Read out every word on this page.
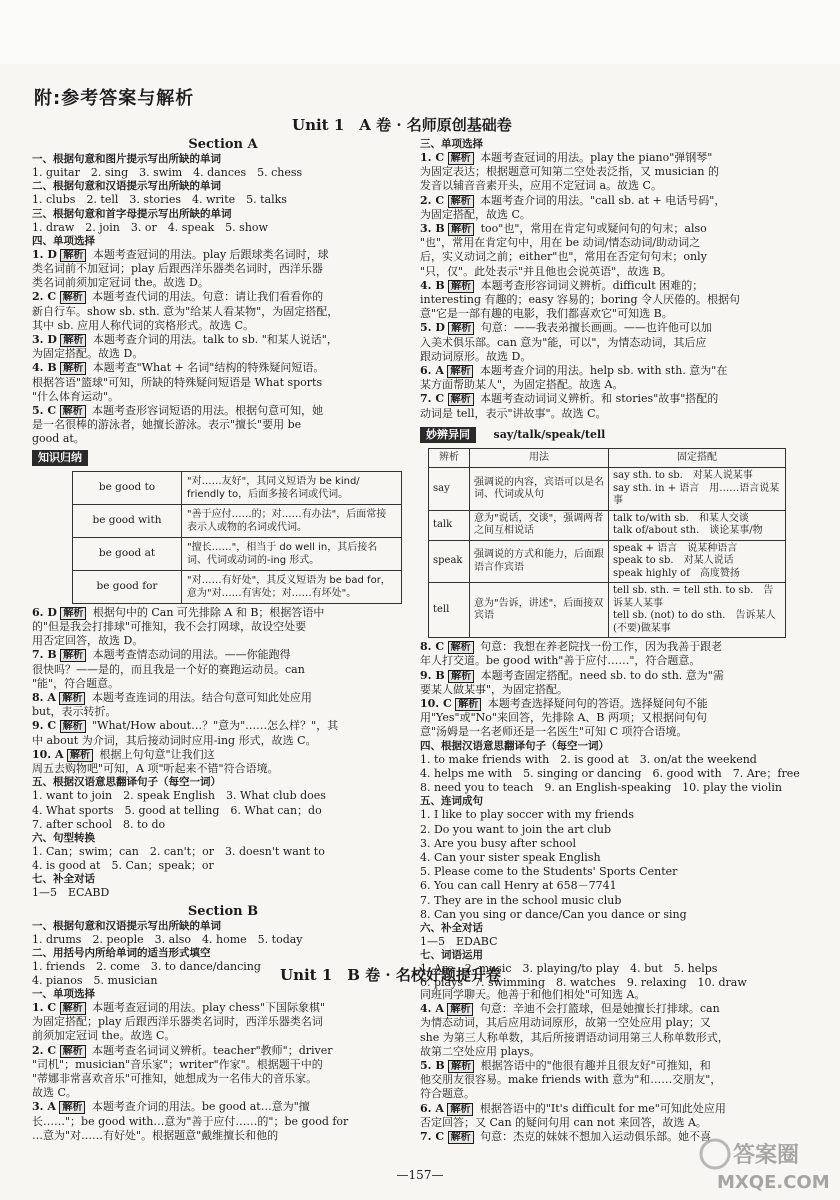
附:参考答案与解析
Unit 1　A 卷 · 名师原创基础卷
Section A
一、根据句意和图片提示写出所缺的单词
1. guitar　2. sing　3. swim　4. dances　5. chess
二、根据句意和汉语提示写出所缺的单词
1. clubs　2. tell　3. stories　4. write　5. talks
三、根据句意和首字母提示写出所缺的单词
1. draw　2. join　3. or　4. speak　5. show
四、单项选择
1. D 解析 本题考查冠词的用法。play 后跟球类名词时，球
类名词前不加冠词；play 后跟西洋乐器类名词时，西洋乐器
类名词前须加定冠词 the。故选 D。
2. C 解析 本题考查代词的用法。句意：请让我们看看你的
新自行车。show sb. sth. 意为"给某人看某物"，为固定搭配，
其中 sb. 应用人称代词的宾格形式。故选 C。
3. D 解析 本题考查介词的用法。talk to sb. "和某人说话"，
为固定搭配。故选 D。
4. B 解析 本题考查"What + 名词"结构的特殊疑问短语。
根据答语"篮球"可知，所缺的特殊疑问短语是 What sports
"什么体育运动"。
5. C 解析 本题考查形容词短语的用法。根据句意可知，她
是一名很棒的游泳者，她擅长游泳。表示"擅长"要用 be
good at。
知识归纳
be good to	"对……友好"，其同义短语为 be kind/ friendly to，后面多接名词或代词。
be good with	"善于应付……的；对……有办法"，后面常接表示人或物的名词或代词。
be good at	"擅长……"，相当于 do well in，其后接名词、代词或动词的-ing 形式。
be good for	"对……有好处"，其反义短语为 be bad for，意为"对……有害处；对……有坏处"。
6. D 解析 根据句中的 Can 可先排除 A 和 B；根据答语中
的"但是我会打排球"可推知，我不会打网球，故设空处要
用否定回答，故选 D。
7. B 解析 本题考查情态动词的用法。——你能跑得
很快吗？——是的，而且我是一个好的赛跑运动员。can
"能"，符合题意。
8. A 解析 本题考查连词的用法。结合句意可知此处应用
but，表示转折。
9. C 解析 "What/How about…？"意为"……怎么样？"，其
中 about 为介词，其后接动词时应用-ing 形式，故选 C。
10. A 解析 根据上句句意"让我们这
周五去购物吧"可知，A 项"听起来不错"符合语境。
五、根据汉语意思翻译句子（每空一词）
1. want to join　2. speak English　3. What club does
4. What sports　5. good at telling　6. What can；do
7. after school　8. to do
六、句型转换
1. Can；swim；can　2. can't；or　3. doesn't want to
4. is good at　5. Can；speak；or
七、补全对话
1—5　ECABD
Section B
一、根据句意和汉语提示写出所缺的单词
1. drums　2. people　3. also　4. home　5. today
二、用括号内所给单词的适当形式填空
1. friends　2. come　3. to dance/dancing
4. pianos　5. musician
三、单项选择
1. C 解析 本题考查冠词的用法。play the piano"弹钢琴"
为固定表达；根据题意可知第二空处表泛指，又 musician 的
发音以辅音音素开头，应用不定冠词 a。故选 C。
2. C 解析 本题考查介词的用法。"call sb. at + 电话号码"，
为固定搭配，故选 C。
3. B 解析 too"也"，常用在肯定句或疑问句的句末；also
"也"，常用在肯定句中，用在 be 动词/情态动词/助动词之
后，实义动词之前；either"也"，常用在否定句句末；only
"只，仅"。此处表示"并且他也会说英语"，故选 B。
4. B 解析 本题考查形容词词义辨析。difficult 困难的；
interesting 有趣的；easy 容易的；boring 令人厌倦的。根据句
意"它是一部有趣的电影，我们都喜欢它"可知选 B。
5. D 解析 句意：——我表弟擅长画画。——也许他可以加
入美术俱乐部。can 意为"能，可以"，为情态动词，其后应
跟动词原形。故选 D。
6. A 解析 本题考查介词的用法。help sb. with sth. 意为"在
某方面帮助某人"，为固定搭配。故选 A。
7. C 解析 本题考查动词词义辨析。和 stories"故事"搭配的
动词是 tell，表示"讲故事"。故选 C。
妙辨异同 say/talk/speak/tell
辨析	用法	固定搭配
say	强调说的内容，宾语可以是名词、代词或从句	say sth. to sb.　对某人说某事
say sth. in + 语言　用……语言说某事
talk	意为"说话，交谈"，强调两者之间互相说话	talk to/with sb.　和某人交谈
talk of/about sth.　谈论某事/物
speak	强调说的方式和能力，后面跟语言作宾语	speak + 语言　说某种语言
speak to sb.　对某人说话
speak highly of　高度赞扬
tell	意为"告诉，讲述"，后面接双宾语	tell sb. sth. = tell sth. to sb.　告诉某人某事
tell sb. (not) to do sth.　告诉某人(不要)做某事
8. C 解析 句意：我想在养老院找一份工作，因为我善于跟老
年人打交道。be good with"善于应付……"，符合题意。
9. B 解析 本题考查固定搭配。need sb. to do sth. 意为"需
要某人做某事"，为固定搭配。
10. C 解析 本题考查选择疑问句的答语。选择疑问句不能
用"Yes"或"No"来回答，先排除 A、B 两项；又根据问句句
意"汤姆是一名老师还是一名医生"可知 C 项符合语境。
四、根据汉语意思翻译句子（每空一词）
1. to make friends with　2. is good at　3. on/at the weekend
4. helps me with　5. singing or dancing　6. good with　7. Are；free
8. need you to teach　9. an English-speaking　10. play the violin
五、连词成句
1. I like to play soccer with my friends
2. Do you want to join the art club
3. Are you busy after school
4. Can your sister speak English
5. Please come to the Students' Sports Center
6. You can call Henry at 658－7741
7. They are in the school music club
8. Can you sing or dance/Can you dance or sing
六、补全对话
1—5　EDABC
七、词语运用
1. Are　2. music　3. playing/to play　4. but　5. helps
6. plays　7. swimming　8. watches　9. relaxing　10. draw
Unit 1　B 卷 · 名校好题提升卷
一、单项选择
1. C 解析 本题考查冠词的用法。play chess"下国际象棋"
为固定搭配；play 后跟西洋乐器类名词时，西洋乐器类名词
前须加定冠词 the。故选 C。
2. C 解析 本题考查名词词义辨析。teacher"教师"；driver
"司机"；musician"音乐家"；writer"作家"。根据题干中的
"蒂娜非常喜欢音乐"可推知，她想成为一名伟大的音乐家。
故选 C。
3. A 解析 本题考查介词的用法。be good at…意为"擅
长……"；be good with…意为"善于应付……的"；be good for
…意为"对……有好处"。根据题意"戴维擅长和他的
同班同学聊天。他善于和他们相处"可知选 A。
4. A 解析 句意：辛迪不会打篮球，但是她擅长打排球。can
为情态动词，其后应用动词原形，故第一空处应用 play；又
she 为第三人称单数，其后所接谓语动词用第三人称单数形式，
故第二空处应用 plays。
5. B 解析 根据答语中的"他很有趣并且很友好"可推知，和
他交朋友很容易。make friends with 意为"和……交朋友"，
符合题意。
6. A 解析 根据答语中的"It's difficult for me"可知此处应用
否定回答；又 Can 的疑问句用 can not 来回答，故选 A。
7. C 解析 句意：杰克的妹妹不想加入运动俱乐部。她不喜
—157—
答案圈
MXQE.COM
